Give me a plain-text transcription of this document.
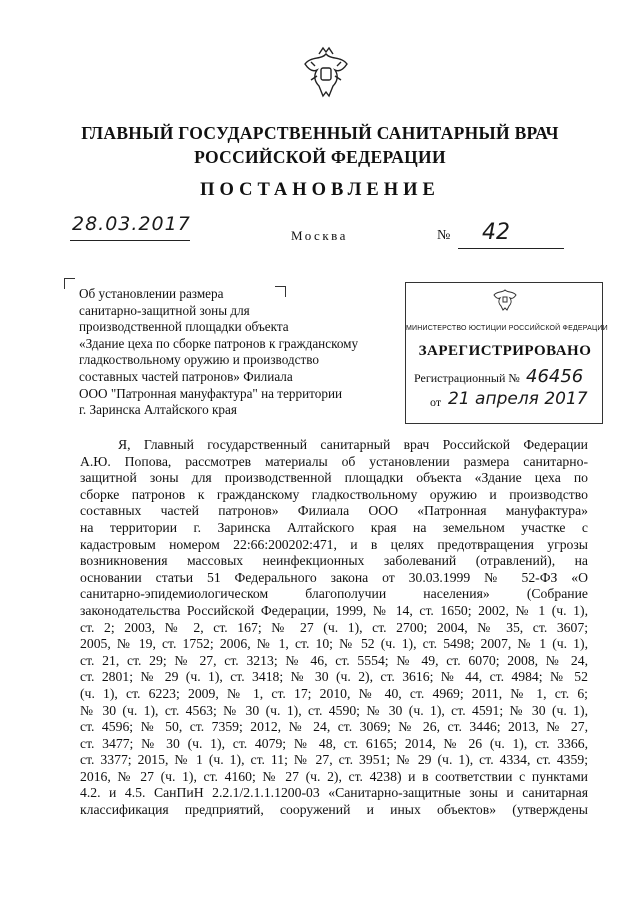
ГЛАВНЫЙ ГОСУДАРСТВЕННЫЙ САНИТАРНЫЙ ВРАЧ
РОССИЙСКОЙ ФЕДЕРАЦИИ
ПОСТАНОВЛЕНИЕ
28.03.2017
Москва	№ 42
Об установлении размера
санитарно-защитной зоны для
производственной площадки объекта
«Здание цеха по сборке патронов к гражданскому
гладкоствольному оружию и производство
составных частей патронов» Филиала
ООО "Патронная мануфактура" на территории
г. Заринска Алтайского края
МИНИСТЕРСТВО ЮСТИЦИИ РОССИЙСКОЙ ФЕДЕРАЦИИ
ЗАРЕГИСТРИРОВАНО
Регистрационный № 46456
от 21 апреля 2017
Я, Главный государственный санитарный врач Российской Федерации
А.Ю. Попова, рассмотрев материалы об установлении размера санитарно-
защитной зоны для производственной площадки объекта «Здание цеха по
сборке патронов к гражданскому гладкоствольному оружию и производство
составных частей патронов» Филиала ООО «Патронная мануфактура»
на территории г. Заринска Алтайского края на земельном участке с
кадастровым номером 22:66:200202:471, и в целях предотвращения угрозы
возникновения массовых неинфекционных заболеваний (отравлений), на
основании статьи 51 Федерального закона от 30.03.1999 № 52-ФЗ «О
санитарно-эпидемиологическом благополучии населения» (Собрание
законодательства Российской Федерации, 1999, № 14, ст. 1650; 2002, № 1 (ч. 1),
ст. 2; 2003, № 2, ст. 167; № 27 (ч. 1), ст. 2700; 2004, № 35, ст. 3607;
2005, № 19, ст. 1752; 2006, № 1, ст. 10; № 52 (ч. 1), ст. 5498; 2007, № 1 (ч. 1),
ст. 21, ст. 29; № 27, ст. 3213; № 46, ст. 5554; № 49, ст. 6070; 2008, № 24,
ст. 2801; № 29 (ч. 1), ст. 3418; № 30 (ч. 2), ст. 3616; № 44, ст. 4984; № 52
(ч. 1), ст. 6223; 2009, № 1, ст. 17; 2010, № 40, ст. 4969; 2011, № 1, ст. 6;
№ 30 (ч. 1), ст. 4563; № 30 (ч. 1), ст. 4590; № 30 (ч. 1), ст. 4591; № 30 (ч. 1),
ст. 4596; № 50, ст. 7359; 2012, № 24, ст. 3069; № 26, ст. 3446; 2013, № 27,
ст. 3477; № 30 (ч. 1), ст. 4079; № 48, ст. 6165; 2014, № 26 (ч. 1), ст. 3366,
ст. 3377; 2015, № 1 (ч. 1), ст. 11; № 27, ст. 3951; № 29 (ч. 1), ст. 4334, ст. 4359;
2016, № 27 (ч. 1), ст. 4160; № 27 (ч. 2), ст. 4238) и в соответствии с пунктами
4.2. и 4.5. СанПиН 2.2.1/2.1.1.1200-03 «Санитарно-защитные зоны и санитарная
классификация предприятий, сооружений и иных объектов» (утверждены
